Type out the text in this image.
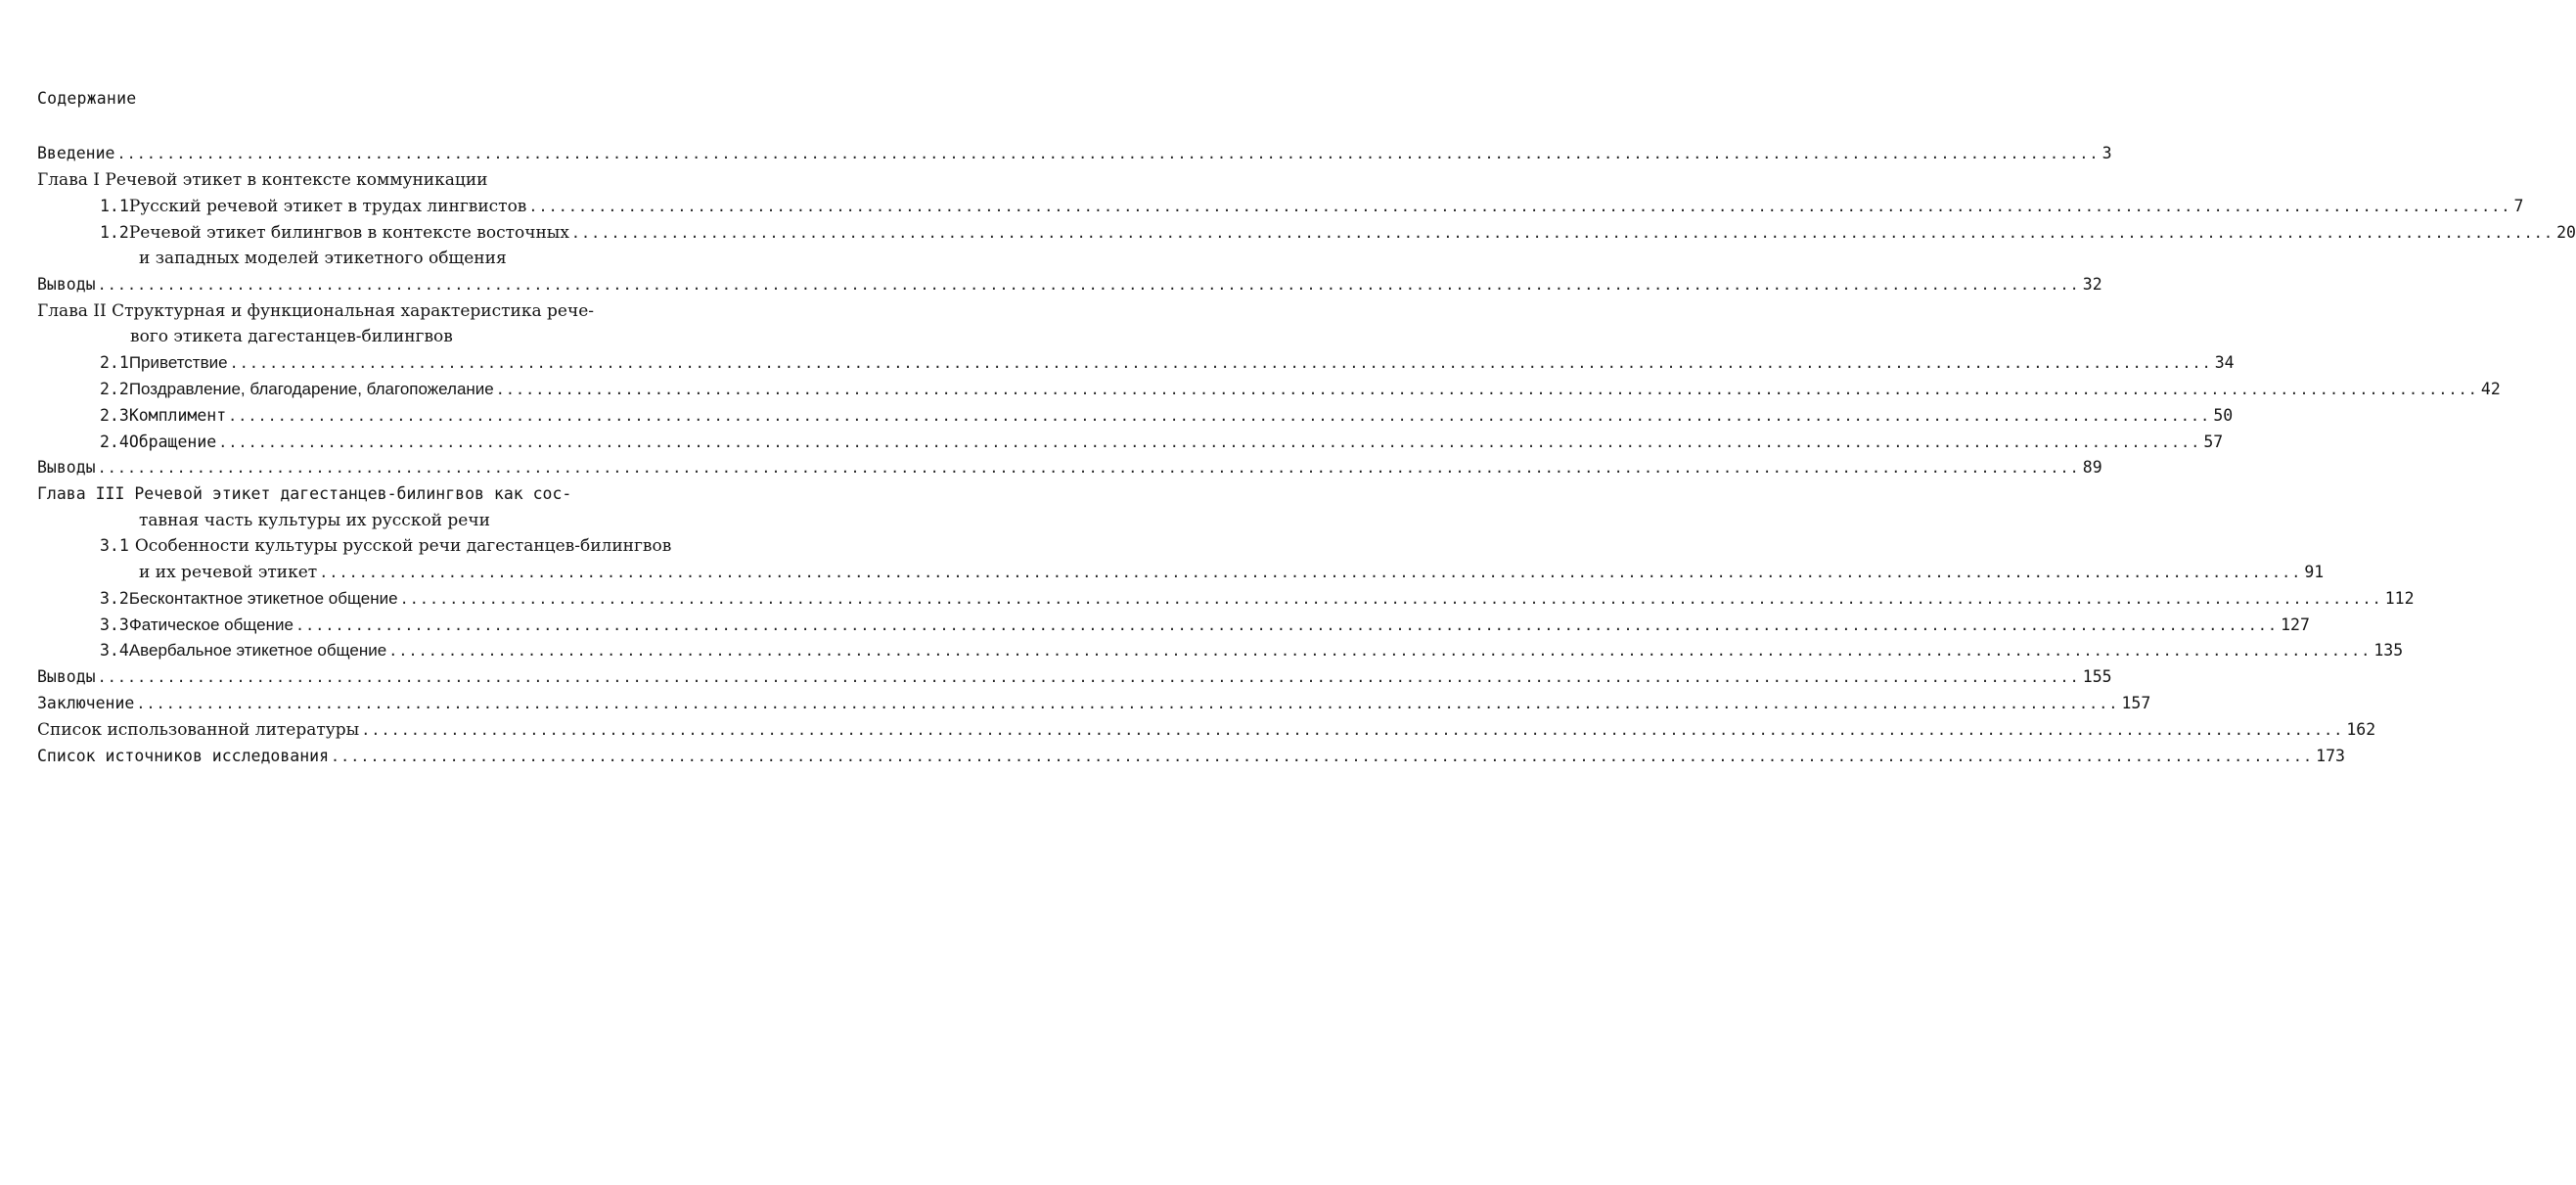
Содержание
Введение ........................................................................................................................................................................................................ 3
Глава I Речевой этикет в контексте коммуникации
1.1 Русский речевой этикет в трудах лингвистов ........................................................................................................................................................................................................ 7
1.2 Речевой этикет билингвов в контексте восточных ........................................................................................................................................................................................................ 20
и западных моделей этикетного общения
Выводы ........................................................................................................................................................................................................ 32
Глава II Структурная и функциональная характеристика рече-
вого этикета дагестанцев-билингвов
2.1 Приветствие ........................................................................................................................................................................................................ 34
2.2 Поздравление, благодарение, благопожелание ........................................................................................................................................................................................................ 42
2.3 Комплимент ........................................................................................................................................................................................................ 50
2.4 Обращение ........................................................................................................................................................................................................ 57
Выводы ........................................................................................................................................................................................................ 89
Глава III Речевой этикет дагестанцев-билингвов как сос-
тавная часть культуры их русской речи
3.1 Особенности культуры русской речи дагестанцев-билингвов
и их речевой этикет ........................................................................................................................................................................................................ 91
3.2 Бесконтактное этикетное общение ........................................................................................................................................................................................................ 112
3.3 Фатическое общение ........................................................................................................................................................................................................ 127
3.4 Авербальное этикетное общение ........................................................................................................................................................................................................ 135
Выводы ........................................................................................................................................................................................................ 155
Заключение ........................................................................................................................................................................................................ 157
Список использованной литературы ........................................................................................................................................................................................................ 162
Список источников исследования ........................................................................................................................................................................................................ 173
